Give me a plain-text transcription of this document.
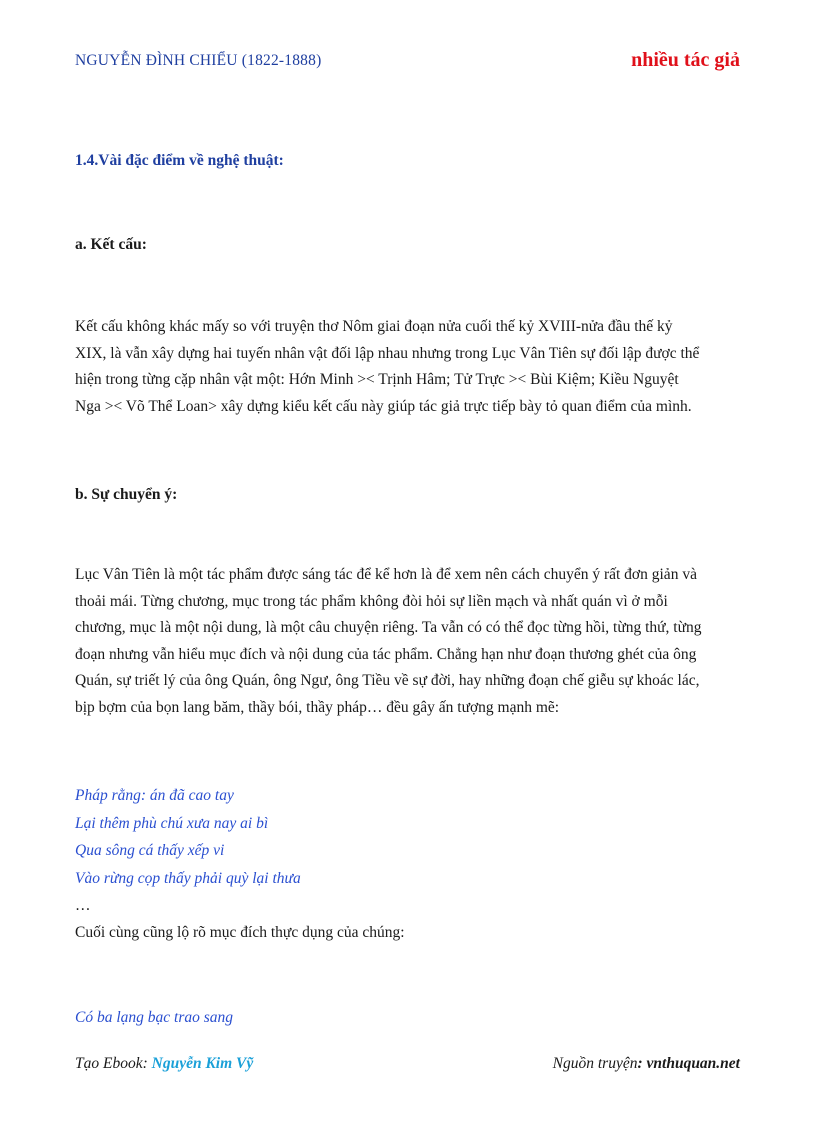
NGUYỄN ĐÌNH CHIỂU (1822-1888)	nhiều tác giả
1.4.Vài đặc điểm về nghệ thuật:
a. Kết cấu:
Kết cấu không khác mấy so với truyện thơ Nôm giai đoạn nửa cuối thế kỷ XVIII-nửa đầu thế kỷ
XIX, là vẫn xây dựng hai tuyến nhân vật đối lập nhau nhưng trong Lục Vân Tiên sự đối lập được thể
hiện trong từng cặp nhân vật một: Hớn Minh >< Trịnh Hâm; Tử Trực >< Bùi Kiệm; Kiều Nguyệt
Nga >< Võ Thể Loan> xây dựng kiểu kết cấu này giúp tác giả trực tiếp bày tỏ quan điểm của mình.
b. Sự chuyển ý:
Lục Vân Tiên là một tác phẩm được sáng tác để kể hơn là để xem nên cách chuyển ý rất đơn giản và
thoải mái. Từng chương, mục trong tác phẩm không đòi hỏi sự liền mạch và nhất quán vì ở mỗi
chương, mục là một nội dung, là một câu chuyện riêng. Ta vẫn có có thể đọc từng hồi, từng thứ, từng
đoạn nhưng vẫn hiểu mục đích và nội dung của tác phẩm. Chẳng hạn như đoạn thương ghét của ông
Quán, sự triết lý của ông Quán, ông Ngư, ông Tiều về sự đời, hay những đoạn chế giễu sự khoác lác,
bịp bợm của bọn lang băm, thầy bói, thầy pháp… đều gây ấn tượng mạnh mẽ:
Pháp rằng: án đã cao tay
Lại thêm phù chú xưa nay ai bì
Qua sông cá thấy xếp vi
Vào rừng cọp thấy phải quỳ lại thưa
…
Cuối cùng cũng lộ rõ mục đích thực dụng của chúng:
Có ba lạng bạc trao sang
Tạo Ebook: Nguyễn Kim Vỹ	Nguồn truyện: vnthuquan.net
